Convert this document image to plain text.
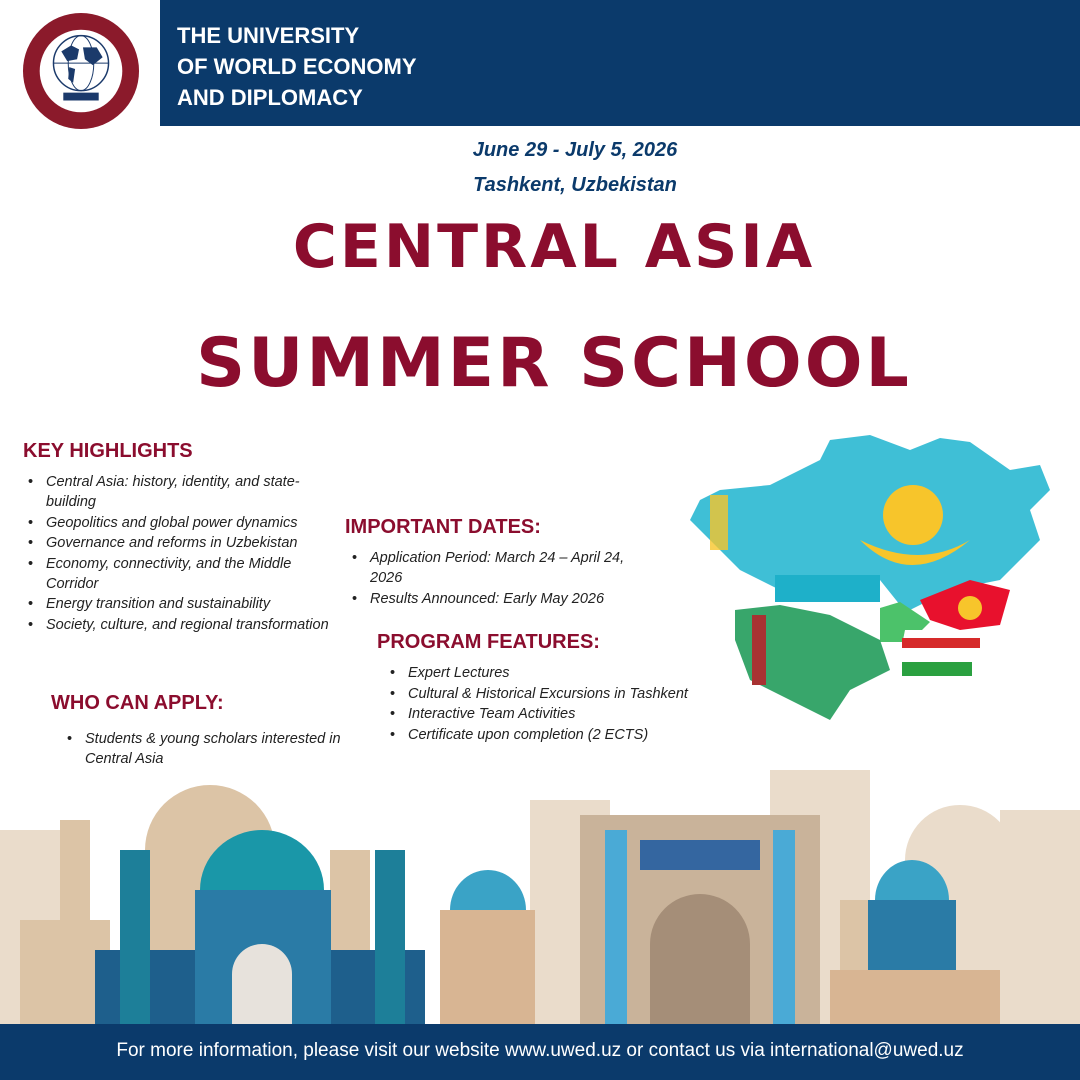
THE UNIVERSITY
OF WORLD ECONOMY
AND DIPLOMACY
June 29 - July 5, 2026
Tashkent, Uzbekistan
CENTRAL ASIA
SUMMER SCHOOL
KEY HIGHLIGHTS
• Central Asia: history, identity, and state-building
• Geopolitics and global power dynamics
• Governance and reforms in Uzbekistan
• Economy, connectivity, and the Middle Corridor
• Energy transition and sustainability
• Society, culture, and regional transformation
WHO CAN APPLY:
• Students & young scholars interested in Central Asia
IMPORTANT DATES:
• Application Period: March 24 – April 24, 2026
• Results Announced: Early May 2026
PROGRAM FEATURES:
• Expert Lectures
• Cultural & Historical Excursions in Tashkent
• Interactive Team Activities
• Certificate upon completion (2 ECTS)
For more information, please visit our website www.uwed.uz or contact us via international@uwed.uz
